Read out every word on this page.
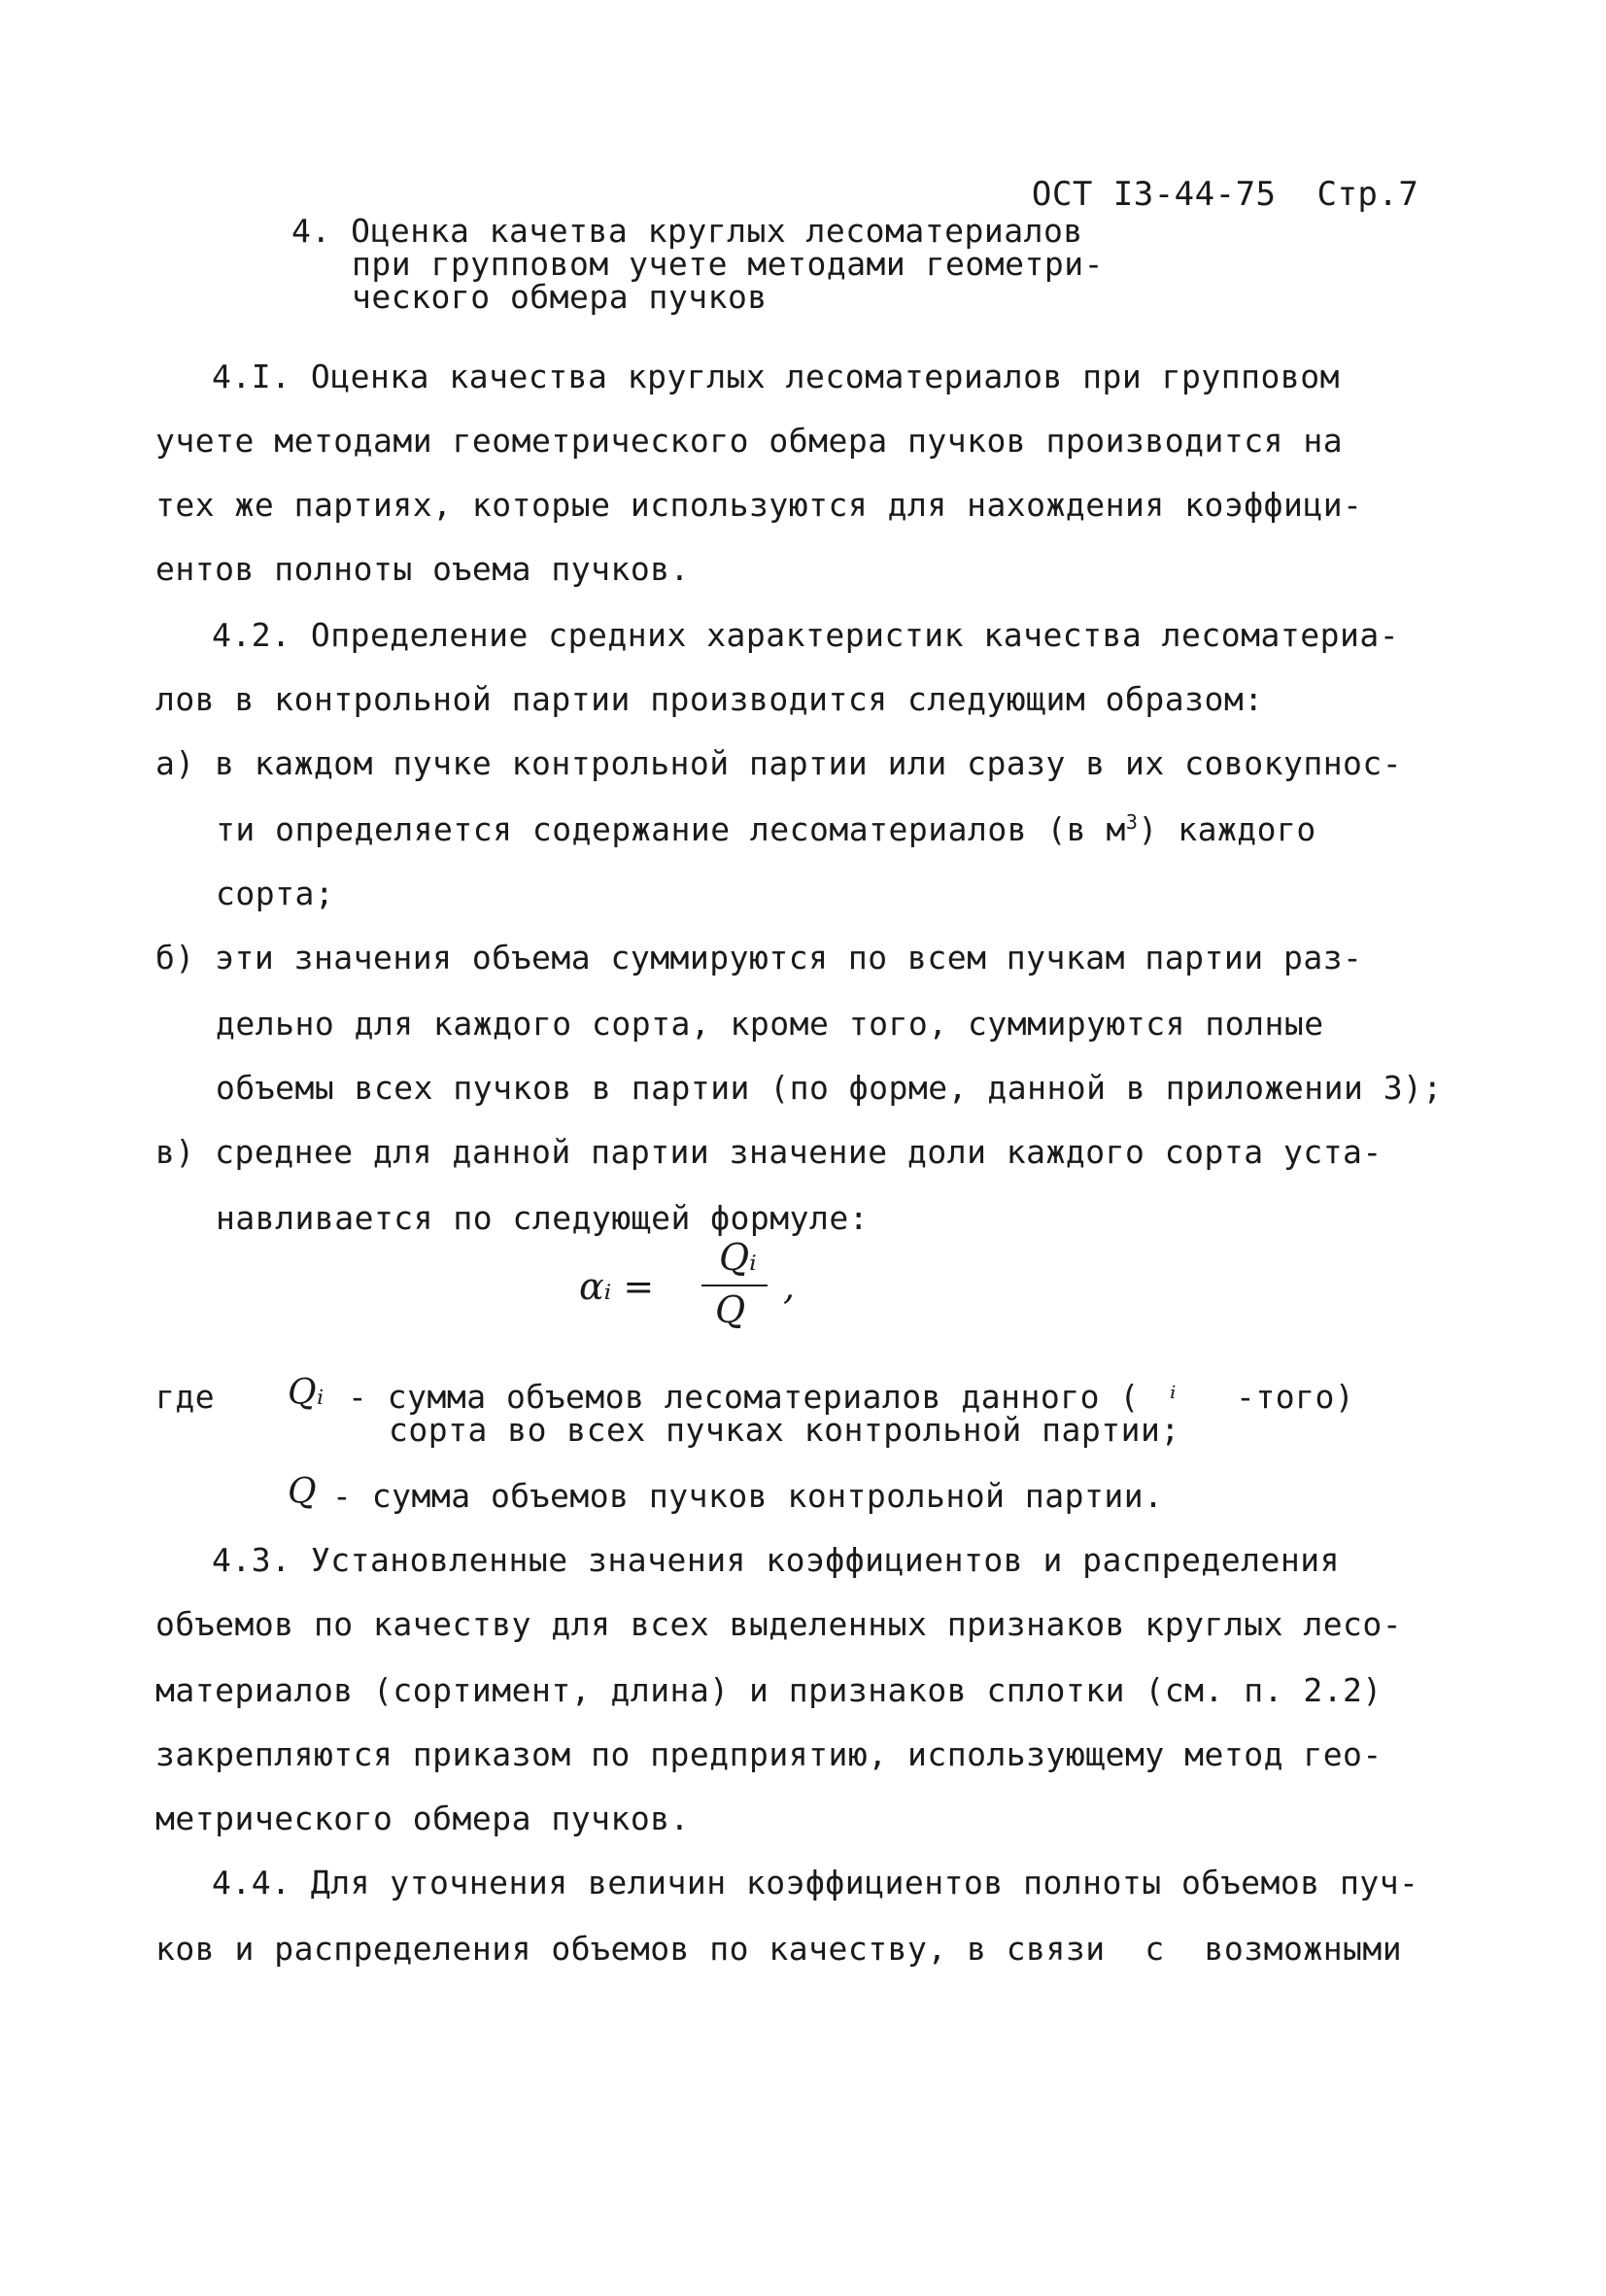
ОСТ I3-44-75 Стр.7

4. Оценка качетва круглых лесоматериалов
при групповом учете методами геометри-
ческого обмера пучков
4.I. Оценка качества круглых лесоматериалов при групповом
учете методами геометрического обмера пучков производится на
тех же партиях, которые используются для нахождения коэффици-
ентов полноты оъема пучков.
4.2. Определение средних характеристик качества лесоматериа-
лов в контрольной партии производится следующим образом:
а) в каждом пучке контрольной партии или сразу в их совокупнос-
ти определяется содержание лесоматериалов (в $м^3$) каждого
сорта;
б) эти значения объема суммируются по всем пучкам партии раз-
дельно для каждого сорта, кроме того, суммируются полные
объемы всех пучков в партии (по форме, данной в приложении 3);
в) среднее для данной партии значение доли каждого сорта уста-
навливается по следующей формуле:
αᵢ =
Qᵢ
Q
,
где Qᵢ - сумма объемов лесоматериалов данного ( ᵢ -того)
сорта во всех пучках контрольной партии;
Q - сумма объемов пучков контрольной партии.
4.3. Установленные значения коэффициентов и распределения
объемов по качеству для всех выделенных признаков круглых лесо-
материалов (сортимент, длина) и признаков сплотки (см. п. 2.2)
закрепляются приказом по предприятию, использующему метод гео-
метрического обмера пучков.
4.4. Для уточнения величин коэффициентов полноты объемов пуч-
ков и распределения объемов по качеству, в связи  с  возможными
